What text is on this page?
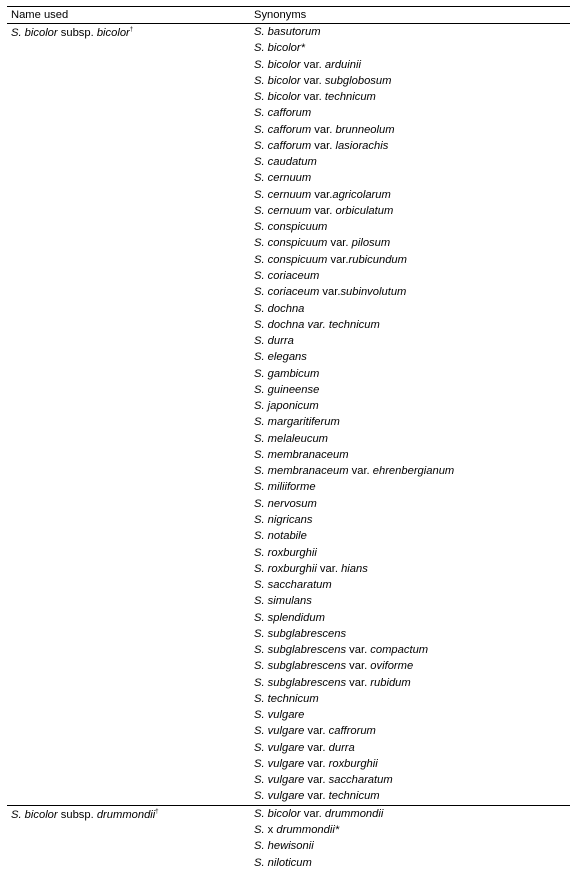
Name used	Synonyms
S. bicolor subsp. bicolor†	S. basutorum
S. bicolor*
S. bicolor var. arduinii
S. bicolor var. subglobosum
S. bicolor var. technicum
S. cafforum
S. cafforum var. brunneolum
S. cafforum var. lasiorachis
S. caudatum
S. cernuum
S. cernuum var.agricolarum
S. cernuum var. orbiculatum
S. conspicuum
S. conspicuum var. pilosum
S. conspicuum var.rubicundum
S. coriaceum
S. coriaceum var.subinvolutum
S. dochna
S. dochna var. technicum
S. durra
S. elegans
S. gambicum
S. guineense
S. japonicum
S. margaritiferum
S. melaleucum
S. membranaceum
S. membranaceum var. ehrenbergianum
S. miliiforme
S. nervosum
S. nigricans
S. notabile
S. roxburghii
S. roxburghii var. hians
S. saccharatum
S. simulans
S. splendidum
S. subglabrescens
S. subglabrescens var. compactum
S. subglabrescens var. oviforme
S. subglabrescens var. rubidum
S. technicum
S. vulgare
S. vulgare var. caffrorum
S. vulgare var. durra
S. vulgare var. roxburghii
S. vulgare var. saccharatum
S. vulgare var. technicum
S. bicolor subsp. drummondii†	S. bicolor var. drummondii
S. x drummondii*
S. hewisonii
S. niloticum
